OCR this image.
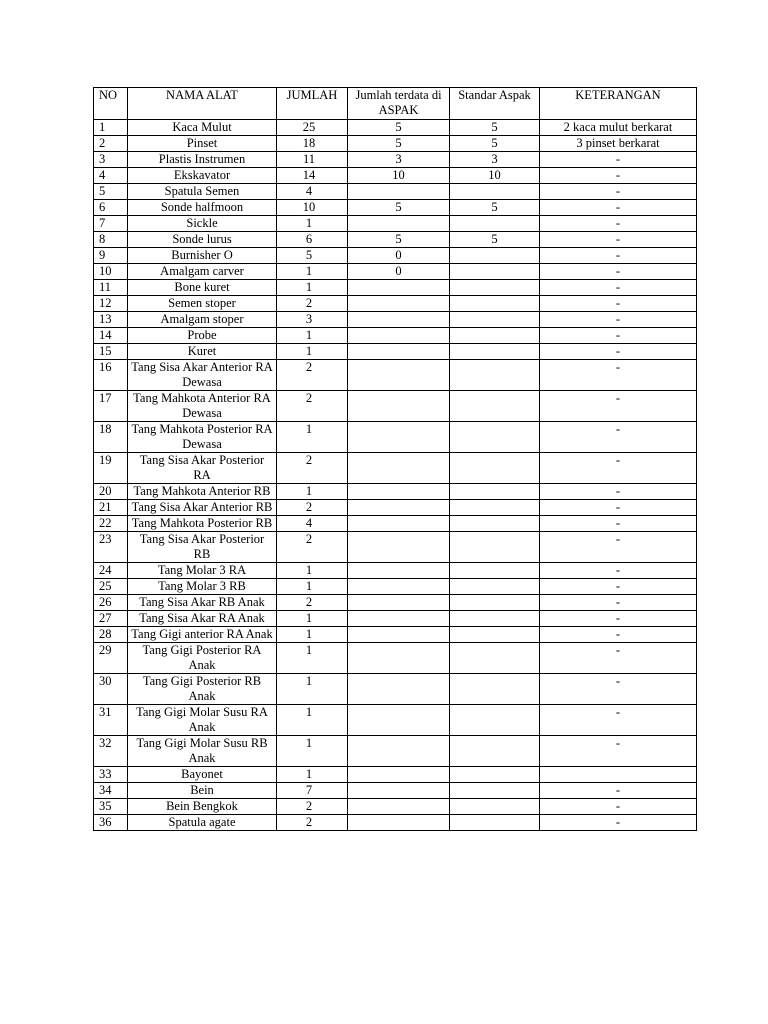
NO	NAMA ALAT	JUMLAH	Jumlah terdata di ASPAK	Standar Aspak	KETERANGAN
1	Kaca Mulut	25	5	5	2 kaca mulut berkarat
2	Pinset	18	5	5	3 pinset berkarat
3	Plastis Instrumen	11	3	3	-
4	Ekskavator	14	10	10	-
5	Spatula Semen	4			-
6	Sonde halfmoon	10	5	5	-
7	Sickle	1			-
8	Sonde lurus	6	5	5	-
9	Burnisher O	5	0		-
10	Amalgam carver	1	0		-
11	Bone kuret	1			-
12	Semen stoper	2			-
13	Amalgam stoper	3			-
14	Probe	1			-
15	Kuret	1			-
16	Tang Sisa Akar Anterior RA Dewasa	2			-
17	Tang Mahkota Anterior RA Dewasa	2			-
18	Tang Mahkota Posterior RA Dewasa	1			-
19	Tang Sisa Akar Posterior RA	2			-
20	Tang Mahkota Anterior RB	1			-
21	Tang Sisa Akar Anterior RB	2			-
22	Tang Mahkota Posterior RB	4			-
23	Tang Sisa Akar Posterior RB	2			-
24	Tang Molar 3 RA	1			-
25	Tang Molar 3 RB	1			-
26	Tang Sisa Akar RB Anak	2			-
27	Tang Sisa Akar RA Anak	1			-
28	Tang Gigi anterior RA Anak	1			-
29	Tang Gigi Posterior RA Anak	1			-
30	Tang Gigi Posterior RB Anak	1			-
31	Tang Gigi Molar Susu RA Anak	1			-
32	Tang Gigi Molar Susu RB Anak	1			-
33	Bayonet	1			
34	Bein	7			-
35	Bein Bengkok	2			-
36	Spatula agate	2			-
